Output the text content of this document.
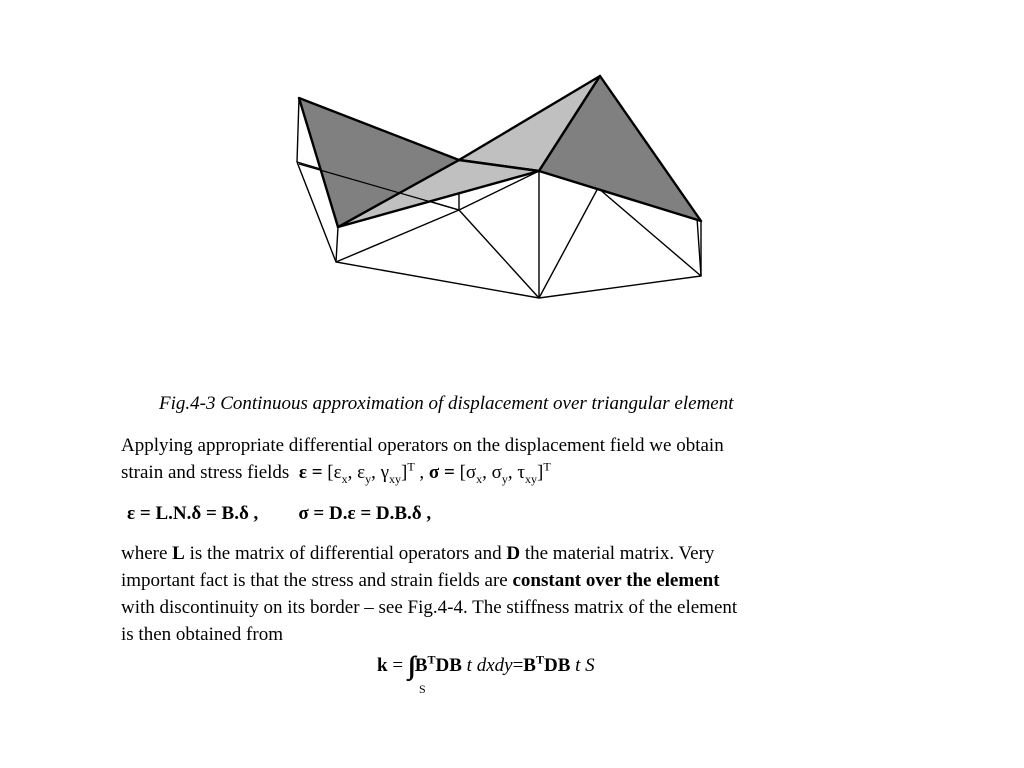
Fig.4-3 Continuous approximation of displacement over triangular element
Applying appropriate differential operators on the displacement field we obtain
strain and stress fields $\varepsilon = [\varepsilon_x$, $\varepsilon_y$, $\gamma_{xy}]^T$ , $\sigma = [\sigma_x$, $\sigma_y$, $\tau_{xy}]^T$
ε = L.N.δ = B.δ , σ = D.ε = D.B.δ ,
where L is the matrix of differential operators and D the material matrix. Very
important fact is that the stress and strain fields are constant over the element
with discontinuity on its border – see Fig.4-4. The stiffness matrix of the element
is then obtained from
k = ∫∫
S
$B^TDB$ t $dxdy=B^TDB$ t S
